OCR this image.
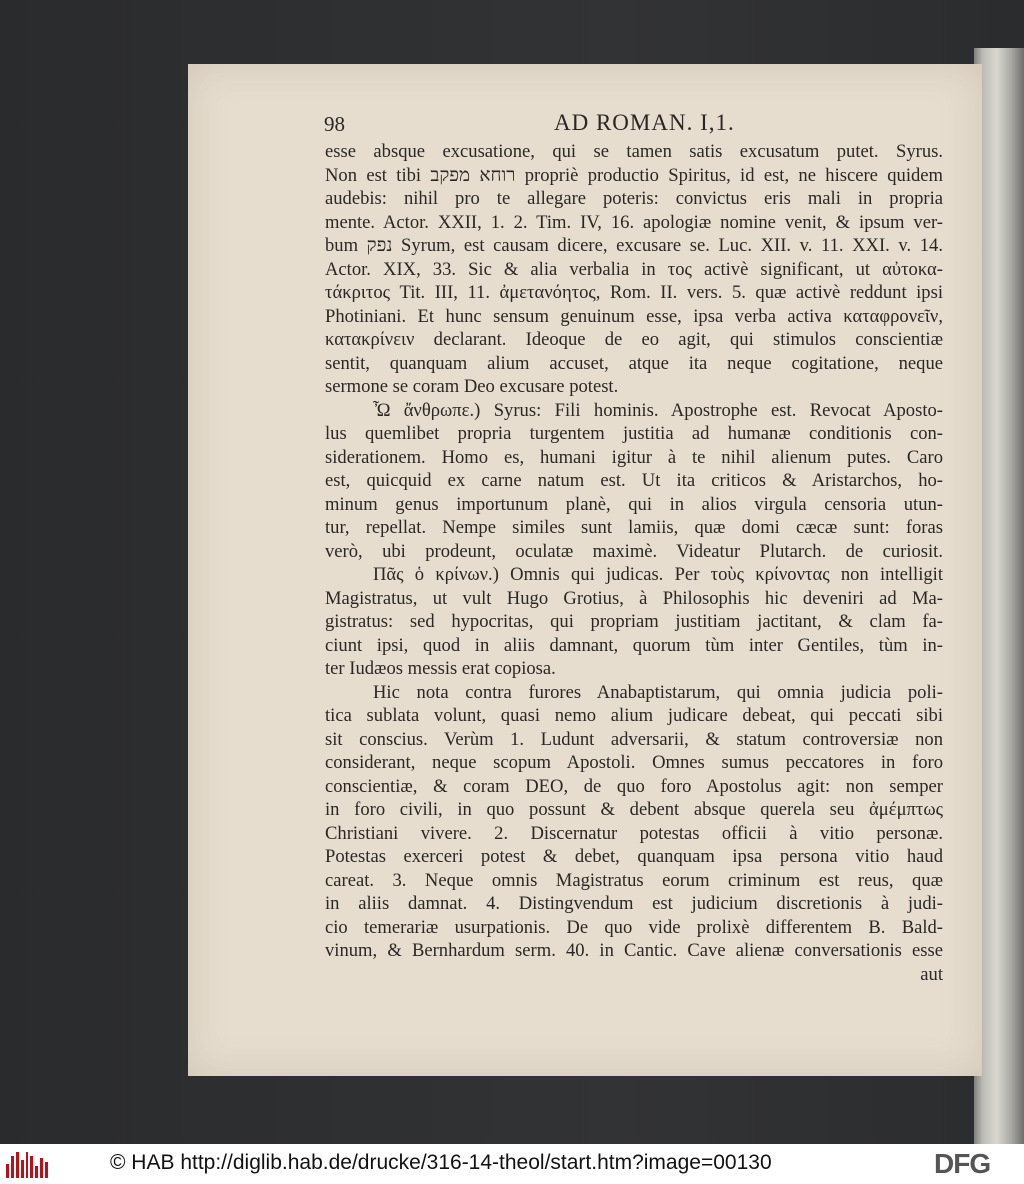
98	AD ROMAN. I,1.
esse absque excusatione, qui se tamen satis excusatum putet. Syrus.
Non est tibi רוחא מפקב propriè productio Spiritus, id est, ne hiscere quidem
audebis: nihil pro te allegare poteris: convictus eris mali in propria
mente. Actor. XXII, 1. 2. Tim. IV, 16. apologiæ nomine venit, & ipsum ver-
bum נפק Syrum, est causam dicere, excusare se. Luc. XII. v. 11. XXI. v. 14.
Actor. XIX, 33. Sic & alia verbalia in τος activè significant, ut αὐτοκα-
τάκριτος Tit. III, 11. ἀμετανόητος, Rom. II. vers. 5. quæ activè reddunt ipsi
Photiniani. Et hunc sensum genuinum esse, ipsa verba activa καταφρονεῖν,
κατακρίνειν declarant. Ideoque de eo agit, qui stimulos conscientiæ
sentit, quanquam alium accuset, atque ita neque cogitatione, neque
sermone se coram Deo excusare potest.
Ὦ ἄνθρωπε.) Syrus: Fili hominis. Apostrophe est. Revocat Aposto-
lus quemlibet propria turgentem justitia ad humanæ conditionis con-
siderationem. Homo es, humani igitur à te nihil alienum putes. Caro
est, quicquid ex carne natum est. Ut ita criticos & Aristarchos, ho-
minum genus importunum planè, qui in alios virgula censoria utun-
tur, repellat. Nempe similes sunt lamiis, quæ domi cæcæ sunt: foras
verò, ubi prodeunt, oculatæ maximè. Videatur Plutarch. de curiosit.
Πᾶς ὁ κρίνων.) Omnis qui judicas. Per τοὺς κρίνοντας non intelligit
Magistratus, ut vult Hugo Grotius, à Philosophis hic deveniri ad Ma-
gistratus: sed hypocritas, qui propriam justitiam jactitant, & clam fa-
ciunt ipsi, quod in aliis damnant, quorum tùm inter Gentiles, tùm in-
ter Iudæos messis erat copiosa.
Hic nota contra furores Anabaptistarum, qui omnia judicia poli-
tica sublata volunt, quasi nemo alium judicare debeat, qui peccati sibi
sit conscius. Verùm 1. Ludunt adversarii, & statum controversiæ non
considerant, neque scopum Apostoli. Omnes sumus peccatores in foro
conscientiæ, & coram DEO, de quo foro Apostolus agit: non semper
in foro civili, in quo possunt & debent absque querela seu ἀμέμπτως
Christiani vivere. 2. Discernatur potestas officii à vitio personæ.
Potestas exerceri potest & debet, quanquam ipsa persona vitio haud
careat. 3. Neque omnis Magistratus eorum criminum est reus, quæ
in aliis damnat. 4. Distingvendum est judicium discretionis à judi-
cio temerariæ usurpationis. De quo vide prolixè differentem B. Bald-
vinum, & Bernhardum serm. 40. in Cantic. Cave alienæ conversationis esse
aut
© HAB http://diglib.hab.de/drucke/316-14-theol/start.htm?image=00130	DFG
